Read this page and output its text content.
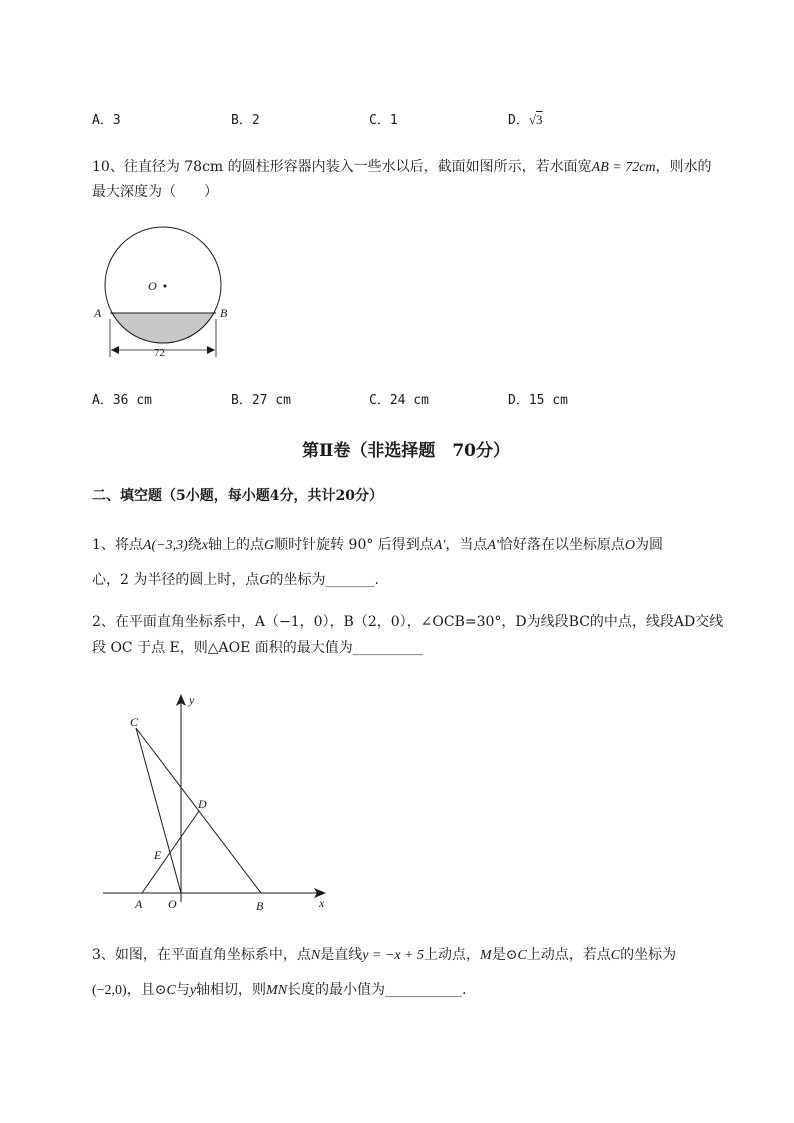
A．3	B．2	C．1	D．√3
10、往直径为 78cm 的圆柱形容器内装入一些水以后，截面如图所示，若水面宽AB = 72cm，则水的
最大深度为（　　）
O
A	B
72
A．36 cm	B．27 cm	C．24 cm	D．15 cm
第Ⅱ卷（非选择题　70分）
二、填空题（5小题，每小题4分，共计20分）
1、将点A(−3,3)绕x轴上的点G顺时针旋转 90° 后得到点A'，当点A'恰好落在以坐标原点O为圆
心，2 为半径的圆上时，点G的坐标为_______.
2、在平面直角坐标系中，A（−1，0），B（2，0），∠OCB=30°，D为线段BC的中点，线段AD交线
段 OC 于点 E，则△AOE 面积的最大值为__________
y
x
C
D
E
A O	B
3、如图，在平面直角坐标系中，点N是直线y = −x + 5上动点，M是⊙C上动点，若点C的坐标为
(−2,0)，且⊙C与y轴相切，则MN长度的最小值为___________.
